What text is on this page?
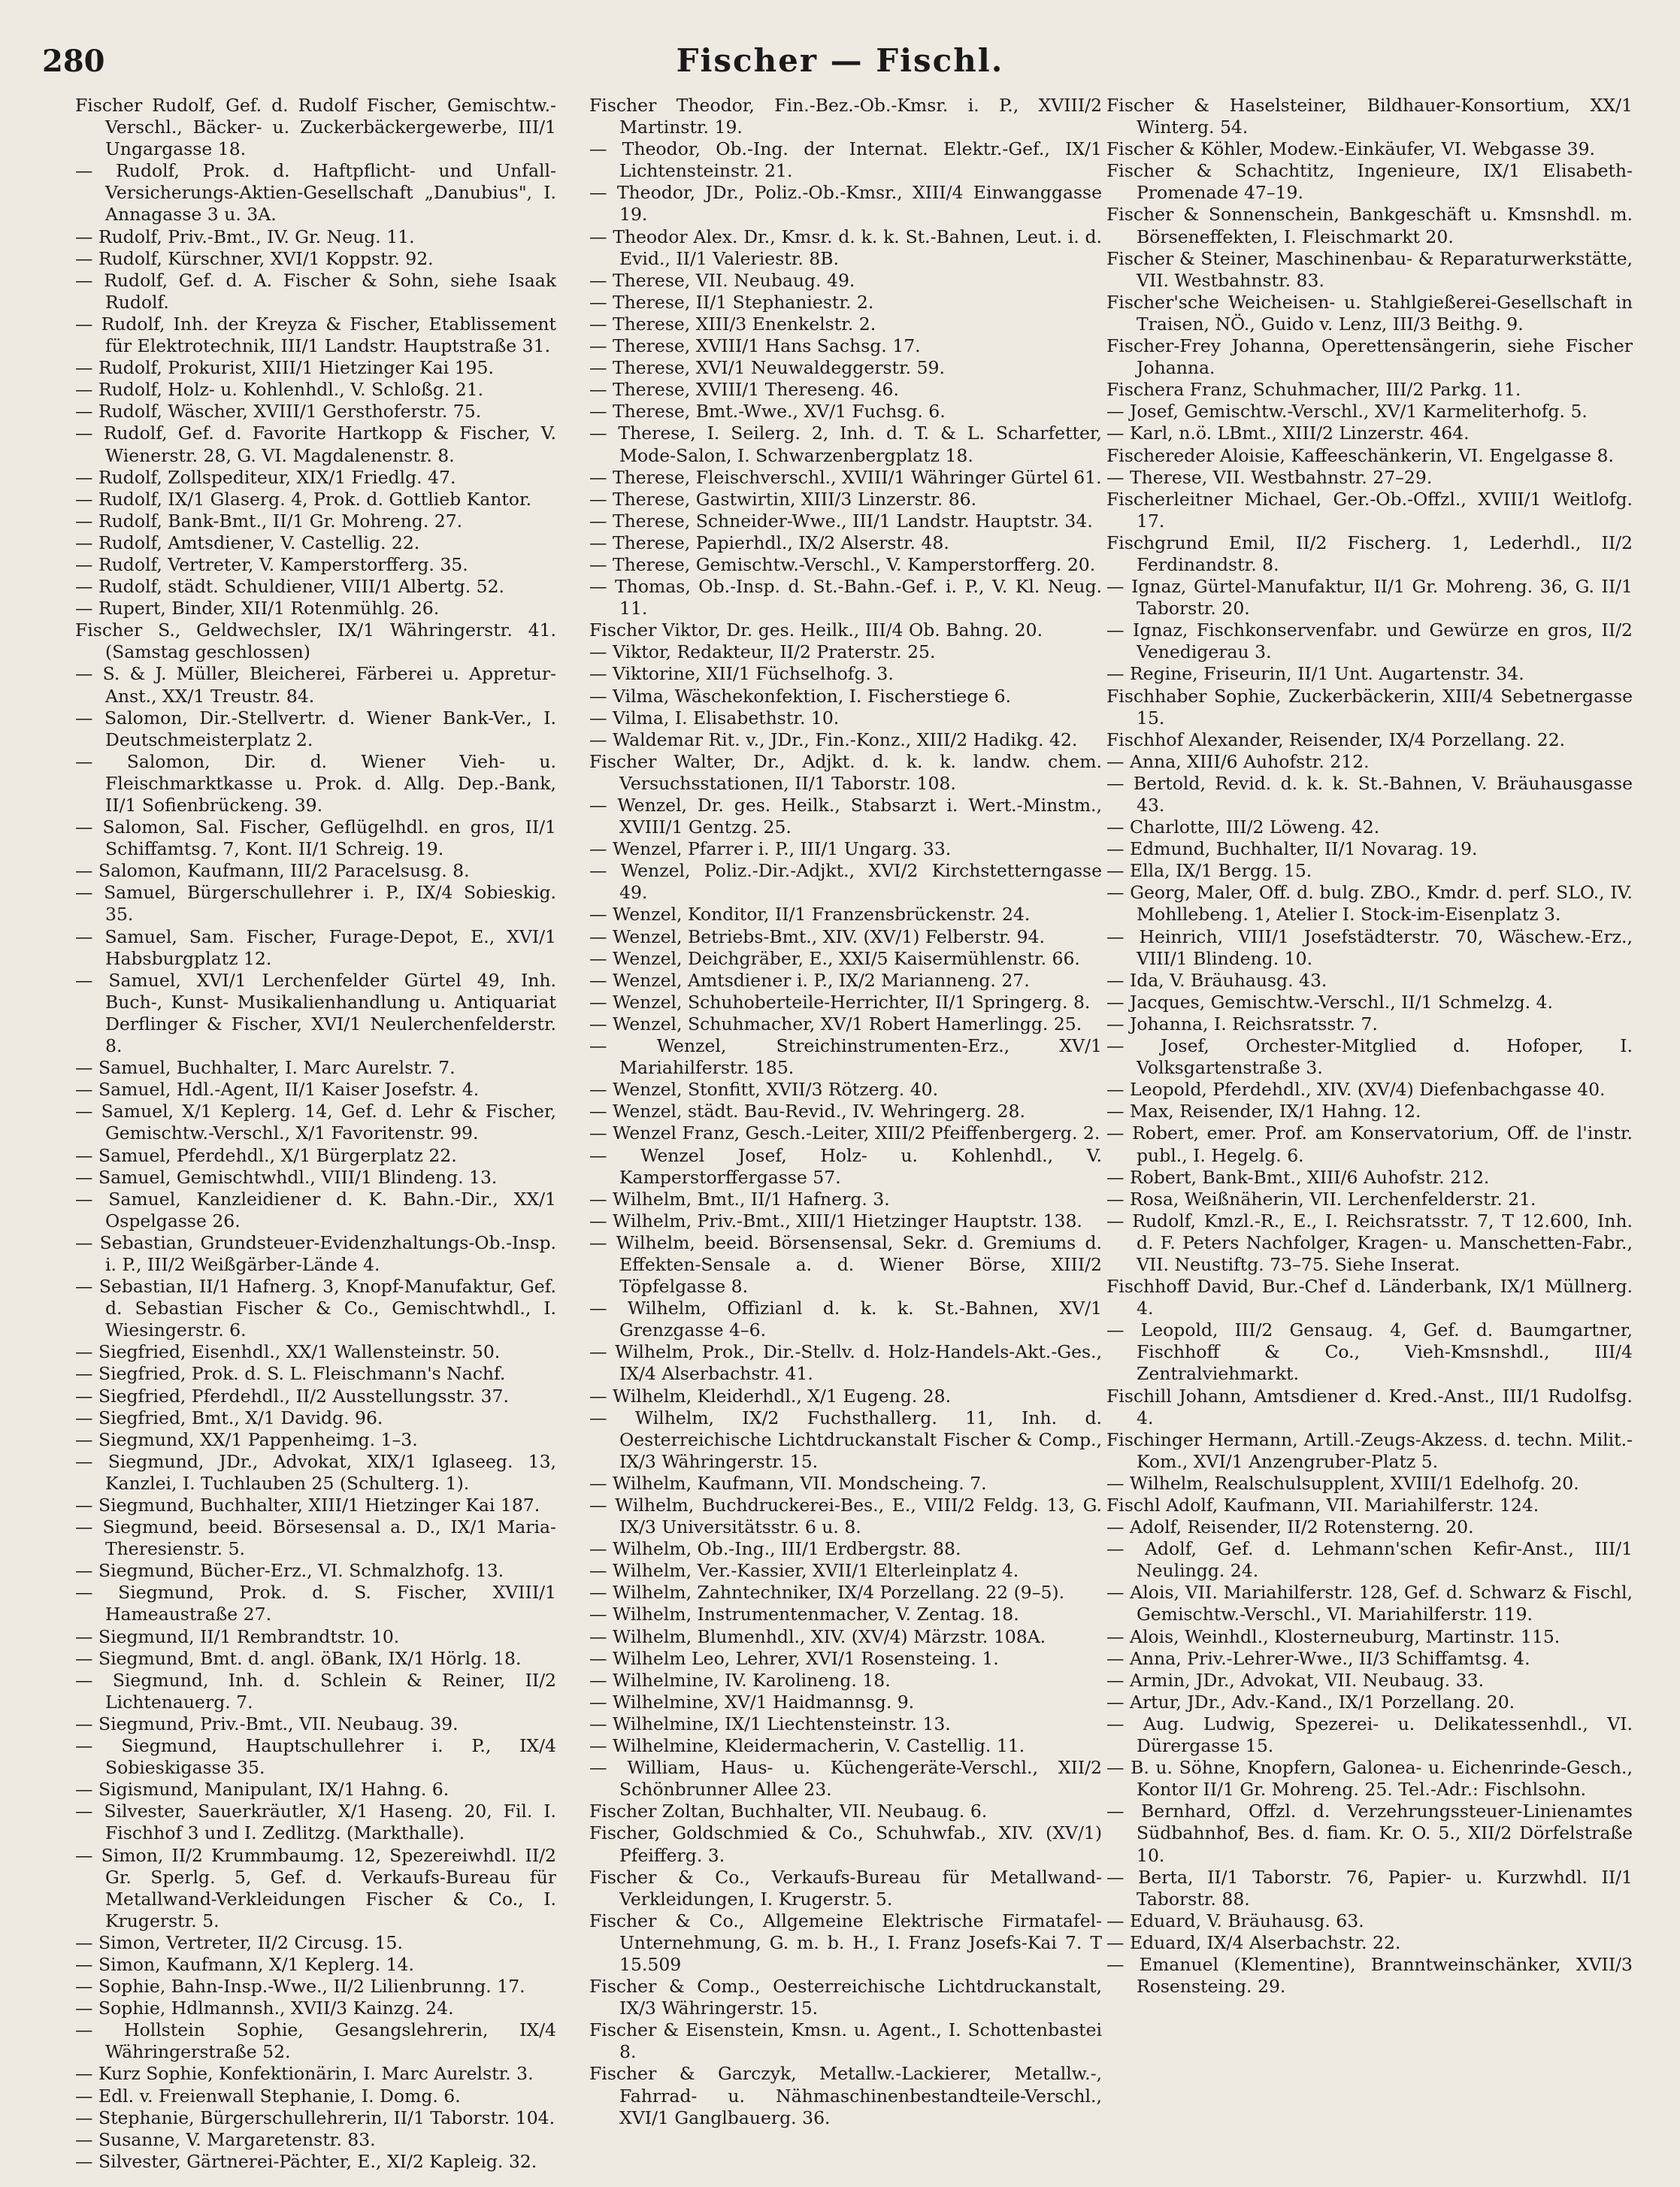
280	Fischer — Fischl.

Fischer Rudolf, Gef. d. Rudolf Fischer, Gemischtw.-Verschl., Bäcker- u. Zuckerbäckergewerbe, III/1 Ungargasse 18.

— Rudolf, Prok. d. Haftpflicht- und Unfall-Versicherungs-Aktien-Gesellschaft „Danubius", I. Annagasse 3 u. 3A.

— Rudolf, Priv.-Bmt., IV. Gr. Neug. 11.

— Rudolf, Kürschner, XVI/1 Koppstr. 92.

— Rudolf, Gef. d. A. Fischer & Sohn, siehe Isaak Rudolf.

— Rudolf, Inh. der Kreyza & Fischer, Etablissement für Elektrotechnik, III/1 Landstr. Hauptstraße 31.

— Rudolf, Prokurist, XIII/1 Hietzinger Kai 195.

— Rudolf, Holz- u. Kohlenhdl., V. Schloßg. 21.

— Rudolf, Wäscher, XVIII/1 Gersthoferstr. 75.

— Rudolf, Gef. d. Favorite Hartkopp & Fischer, V. Wienerstr. 28, G. VI. Magdalenenstr. 8.

— Rudolf, Zollspediteur, XIX/1 Friedlg. 47.

— Rudolf, IX/1 Glaserg. 4, Prok. d. Gottlieb Kantor.

— Rudolf, Bank-Bmt., II/1 Gr. Mohreng. 27.

— Rudolf, Amtsdiener, V. Castellig. 22.

— Rudolf, Vertreter, V. Kamperstorfferg. 35.

— Rudolf, städt. Schuldiener, VIII/1 Albertg. 52.

— Rupert, Binder, XII/1 Rotenmühlg. 26.

Fischer S., Geldwechsler, IX/1 Währingerstr. 41. (Samstag geschlossen)

— S. & J. Müller, Bleicherei, Färberei u. Appretur-Anst., XX/1 Treustr. 84.

— Salomon, Dir.-Stellvertr. d. Wiener Bank-Ver., I. Deutschmeisterplatz 2.

— Salomon, Dir. d. Wiener Vieh- u. Fleischmarktkasse u. Prok. d. Allg. Dep.-Bank, II/1 Sofienbrückeng. 39.

— Salomon, Sal. Fischer, Geflügelhdl. en gros, II/1 Schiffamtsg. 7, Kont. II/1 Schreig. 19.

— Salomon, Kaufmann, III/2 Paracelsusg. 8.

— Samuel, Bürgerschullehrer i. P., IX/4 Sobieskig. 35.

— Samuel, Sam. Fischer, Furage-Depot, E., XVI/1 Habsburgplatz 12.

— Samuel, XVI/1 Lerchenfelder Gürtel 49, Inh. Buch-, Kunst- Musikalienhandlung u. Antiquariat Derflinger & Fischer, XVI/1 Neulerchenfelderstr. 8.

— Samuel, Buchhalter, I. Marc Aurelstr. 7.

— Samuel, Hdl.-Agent, II/1 Kaiser Josefstr. 4.

— Samuel, X/1 Keplerg. 14, Gef. d. Lehr & Fischer, Gemischtw.-Verschl., X/1 Favoritenstr. 99.

— Samuel, Pferdehdl., X/1 Bürgerplatz 22.

— Samuel, Gemischtwhdl., VIII/1 Blindeng. 13.

— Samuel, Kanzleidiener d. K. Bahn.-Dir., XX/1 Ospelgasse 26.

— Sebastian, Grundsteuer-Evidenzhaltungs-Ob.-Insp. i. P., III/2 Weißgärber-Lände 4.

— Sebastian, II/1 Hafnerg. 3, Knopf-Manufaktur, Gef. d. Sebastian Fischer & Co., Gemischtwhdl., I. Wiesingerstr. 6.

— Siegfried, Eisenhdl., XX/1 Wallensteinstr. 50.

— Siegfried, Prok. d. S. L. Fleischmann's Nachf.

— Siegfried, Pferdehdl., II/2 Ausstellungsstr. 37.

— Siegfried, Bmt., X/1 Davidg. 96.

— Siegmund, XX/1 Pappenheimg. 1–3.

— Siegmund, JDr., Advokat, XIX/1 Iglaseeg. 13, Kanzlei, I. Tuchlauben 25 (Schulterg. 1).

— Siegmund, Buchhalter, XIII/1 Hietzinger Kai 187.

— Siegmund, beeid. Börsesensal a. D., IX/1 Maria-Theresienstr. 5.

— Siegmund, Bücher-Erz., VI. Schmalzhofg. 13.

— Siegmund, Prok. d. S. Fischer, XVIII/1 Hameaustraße 27.

— Siegmund, II/1 Rembrandtstr. 10.

— Siegmund, Bmt. d. angl. öBank, IX/1 Hörlg. 18.

— Siegmund, Inh. d. Schlein & Reiner, II/2 Lichtenauerg. 7.

— Siegmund, Priv.-Bmt., VII. Neubaug. 39.

— Siegmund, Hauptschullehrer i. P., IX/4 Sobieskigasse 35.

— Sigismund, Manipulant, IX/1 Hahng. 6.

— Silvester, Sauerkräutler, X/1 Haseng. 20, Fil. I. Fischhof 3 und I. Zedlitzg. (Markthalle).

— Simon, II/2 Krummbaumg. 12, Spezereiwhdl. II/2 Gr. Sperlg. 5, Gef. d. Verkaufs-Bureau für Metallwand-Verkleidungen Fischer & Co., I. Krugerstr. 5.

— Simon, Vertreter, II/2 Circusg. 15.

— Simon, Kaufmann, X/1 Keplerg. 14.

— Sophie, Bahn-Insp.-Wwe., II/2 Lilienbrunng. 17.

— Sophie, Hdlmannsh., XVII/3 Kainzg. 24.

— Hollstein Sophie, Gesangslehrerin, IX/4 Währingerstraße 52.

— Kurz Sophie, Konfektionärin, I. Marc Aurelstr. 3.

— Edl. v. Freienwall Stephanie, I. Domg. 6.

— Stephanie, Bürgerschullehrerin, II/1 Taborstr. 104.

— Susanne, V. Margaretenstr. 83.

— Silvester, Gärtnerei-Pächter, E., XI/2 Kapleig. 32.

Fischer Theodor, Fin.-Bez.-Ob.-Kmsr. i. P., XVIII/2 Martinstr. 19.

— Theodor, Ob.-Ing. der Internat. Elektr.-Gef., IX/1 Lichtensteinstr. 21.

— Theodor, JDr., Poliz.-Ob.-Kmsr., XIII/4 Einwanggasse 19.

— Theodor Alex. Dr., Kmsr. d. k. k. St.-Bahnen, Leut. i. d. Evid., II/1 Valeriestr. 8B.

— Therese, VII. Neubaug. 49.

— Therese, II/1 Stephaniestr. 2.

— Therese, XIII/3 Enenkelstr. 2.

— Therese, XVIII/1 Hans Sachsg. 17.

— Therese, XVI/1 Neuwaldeggerstr. 59.

— Therese, XVIII/1 Thereseng. 46.

— Therese, Bmt.-Wwe., XV/1 Fuchsg. 6.

— Therese, I. Seilerg. 2, Inh. d. T. & L. Scharfetter, Mode-Salon, I. Schwarzenbergplatz 18.

— Therese, Fleischverschl., XVIII/1 Währinger Gürtel 61.

— Therese, Gastwirtin, XIII/3 Linzerstr. 86.

— Therese, Schneider-Wwe., III/1 Landstr. Hauptstr. 34.

— Therese, Papierhdl., IX/2 Alserstr. 48.

— Therese, Gemischtw.-Verschl., V. Kamperstorfferg. 20.

— Thomas, Ob.-Insp. d. St.-Bahn.-Gef. i. P., V. Kl. Neug. 11.

Fischer Viktor, Dr. ges. Heilk., III/4 Ob. Bahng. 20.

— Viktor, Redakteur, II/2 Praterstr. 25.

— Viktorine, XII/1 Füchselhofg. 3.

— Vilma, Wäschekonfektion, I. Fischerstiege 6.

— Vilma, I. Elisabethstr. 10.

— Waldemar Rit. v., JDr., Fin.-Konz., XIII/2 Hadikg. 42.

Fischer Walter, Dr., Adjkt. d. k. k. landw. chem. Versuchsstationen, II/1 Taborstr. 108.

— Wenzel, Dr. ges. Heilk., Stabsarzt i. Wert.-Minstm., XVIII/1 Gentzg. 25.

— Wenzel, Pfarrer i. P., III/1 Ungarg. 33.

— Wenzel, Poliz.-Dir.-Adjkt., XVI/2 Kirchstetterngasse 49.

— Wenzel, Konditor, II/1 Franzensbrückenstr. 24.

— Wenzel, Betriebs-Bmt., XIV. (XV/1) Felberstr. 94.

— Wenzel, Deichgräber, E., XXI/5 Kaisermühlenstr. 66.

— Wenzel, Amtsdiener i. P., IX/2 Marianneng. 27.

— Wenzel, Schuhoberteile-Herrichter, II/1 Springerg. 8.

— Wenzel, Schuhmacher, XV/1 Robert Hamerlingg. 25.

— Wenzel, Streichinstrumenten-Erz., XV/1 Mariahilferstr. 185.

— Wenzel, Stonfitt, XVII/3 Rötzerg. 40.

— Wenzel, städt. Bau-Revid., IV. Wehringerg. 28.

— Wenzel Franz, Gesch.-Leiter, XIII/2 Pfeiffenbergerg. 2.

— Wenzel Josef, Holz- u. Kohlenhdl., V. Kamperstorffergasse 57.

— Wilhelm, Bmt., II/1 Hafnerg. 3.

— Wilhelm, Priv.-Bmt., XIII/1 Hietzinger Hauptstr. 138.

— Wilhelm, beeid. Börsensensal, Sekr. d. Gremiums d. Effekten-Sensale a. d. Wiener Börse, XIII/2 Töpfelgasse 8.

— Wilhelm, Offizianl d. k. k. St.-Bahnen, XV/1 Grenzgasse 4–6.

— Wilhelm, Prok., Dir.-Stellv. d. Holz-Handels-Akt.-Ges., IX/4 Alserbachstr. 41.

— Wilhelm, Kleiderhdl., X/1 Eugeng. 28.

— Wilhelm, IX/2 Fuchsthallerg. 11, Inh. d. Oesterreichische Lichtdruckanstalt Fischer & Comp., IX/3 Währingerstr. 15.

— Wilhelm, Kaufmann, VII. Mondscheing. 7.

— Wilhelm, Buchdruckerei-Bes., E., VIII/2 Feldg. 13, G. IX/3 Universitätsstr. 6 u. 8.

— Wilhelm, Ob.-Ing., III/1 Erdbergstr. 88.

— Wilhelm, Ver.-Kassier, XVII/1 Elterleinplatz 4.

— Wilhelm, Zahntechniker, IX/4 Porzellang. 22 (9–5).

— Wilhelm, Instrumentenmacher, V. Zentag. 18.

— Wilhelm, Blumenhdl., XIV. (XV/4) Märzstr. 108A.

— Wilhelm Leo, Lehrer, XVI/1 Rosensteing. 1.

— Wilhelmine, IV. Karolineng. 18.

— Wilhelmine, XV/1 Haidmannsg. 9.

— Wilhelmine, IX/1 Liechtensteinstr. 13.

— Wilhelmine, Kleidermacherin, V. Castellig. 11.

— William, Haus- u. Küchengeräte-Verschl., XII/2 Schönbrunner Allee 23.

Fischer Zoltan, Buchhalter, VII. Neubaug. 6.

Fischer, Goldschmied & Co., Schuhwfab., XIV. (XV/1) Pfeifferg. 3.

Fischer & Co., Verkaufs-Bureau für Metallwand-Verkleidungen, I. Krugerstr. 5.

Fischer & Co., Allgemeine Elektrische Firmatafel-Unternehmung, G. m. b. H., I. Franz Josefs-Kai 7. T 15.509

Fischer & Comp., Oesterreichische Lichtdruckanstalt, IX/3 Währingerstr. 15.

Fischer & Eisenstein, Kmsn. u. Agent., I. Schottenbastei 8.

Fischer & Garczyk, Metallw.-Lackierer, Metallw.-, Fahrrad- u. Nähmaschinenbestandteile-Verschl., XVI/1 Ganglbauerg. 36.

Fischer & Haselsteiner, Bildhauer-Konsortium, XX/1 Winterg. 54.

Fischer & Köhler, Modew.-Einkäufer, VI. Webgasse 39.

Fischer & Schachtitz, Ingenieure, IX/1 Elisabeth-Promenade 47–19.

Fischer & Sonnenschein, Bankgeschäft u. Kmsnshdl. m. Börseneffekten, I. Fleischmarkt 20.

Fischer & Steiner, Maschinenbau- & Reparaturwerkstätte, VII. Westbahnstr. 83.

Fischer'sche Weicheisen- u. Stahlgießerei-Gesellschaft in Traisen, NÖ., Guido v. Lenz, III/3 Beithg. 9.

Fischer-Frey Johanna, Operettensängerin, siehe Fischer Johanna.

Fischera Franz, Schuhmacher, III/2 Parkg. 11.

— Josef, Gemischtw.-Verschl., XV/1 Karmeliterhofg. 5.

— Karl, n.ö. LBmt., XIII/2 Linzerstr. 464.

Fischereder Aloisie, Kaffeeschänkerin, VI. Engelgasse 8.

— Therese, VII. Westbahnstr. 27–29.

Fischerleitner Michael, Ger.-Ob.-Offzl., XVIII/1 Weitlofg. 17.

Fischgrund Emil, II/2 Fischerg. 1, Lederhdl., II/2 Ferdinandstr. 8.

— Ignaz, Gürtel-Manufaktur, II/1 Gr. Mohreng. 36, G. II/1 Taborstr. 20.

— Ignaz, Fischkonservenfabr. und Gewürze en gros, II/2 Venedigerau 3.

— Regine, Friseurin, II/1 Unt. Augartenstr. 34.

Fischhaber Sophie, Zuckerbäckerin, XIII/4 Sebetnergasse 15.

Fischhof Alexander, Reisender, IX/4 Porzellang. 22.

— Anna, XIII/6 Auhofstr. 212.

— Bertold, Revid. d. k. k. St.-Bahnen, V. Bräuhausgasse 43.

— Charlotte, III/2 Löweng. 42.

— Edmund, Buchhalter, II/1 Novarag. 19.

— Ella, IX/1 Bergg. 15.

— Georg, Maler, Off. d. bulg. ZBO., Kmdr. d. perf. SLO., IV. Mohllebeng. 1, Atelier I. Stock-im-Eisenplatz 3.

— Heinrich, VIII/1 Josefstädterstr. 70, Wäschew.-Erz., VIII/1 Blindeng. 10.

— Ida, V. Bräuhausg. 43.

— Jacques, Gemischtw.-Verschl., II/1 Schmelzg. 4.

— Johanna, I. Reichsratsstr. 7.

— Josef, Orchester-Mitglied d. Hofoper, I. Volksgartenstraße 3.

— Leopold, Pferdehdl., XIV. (XV/4) Diefenbachgasse 40.

— Max, Reisender, IX/1 Hahng. 12.

— Robert, emer. Prof. am Konservatorium, Off. de l'instr. publ., I. Hegelg. 6.

— Robert, Bank-Bmt., XIII/6 Auhofstr. 212.

— Rosa, Weißnäherin, VII. Lerchenfelderstr. 21.

— Rudolf, Kmzl.-R., E., I. Reichsratsstr. 7, T 12.600, Inh. d. F. Peters Nachfolger, Kragen- u. Manschetten-Fabr., VII. Neustiftg. 73–75. Siehe Inserat.

Fischhoff David, Bur.-Chef d. Länderbank, IX/1 Müllnerg. 4.

— Leopold, III/2 Gensaug. 4, Gef. d. Baumgartner, Fischhoff & Co., Vieh-Kmsnshdl., III/4 Zentralviehmarkt.

Fischill Johann, Amtsdiener d. Kred.-Anst., III/1 Rudolfsg. 4.

Fischinger Hermann, Artill.-Zeugs-Akzess. d. techn. Milit.-Kom., XVI/1 Anzengruber-Platz 5.

— Wilhelm, Realschulsupplent, XVIII/1 Edelhofg. 20.

Fischl Adolf, Kaufmann, VII. Mariahilferstr. 124.

— Adolf, Reisender, II/2 Rotensterng. 20.

— Adolf, Gef. d. Lehmann'schen Kefir-Anst., III/1 Neulingg. 24.

— Alois, VII. Mariahilferstr. 128, Gef. d. Schwarz & Fischl, Gemischtw.-Verschl., VI. Mariahilferstr. 119.

— Alois, Weinhdl., Klosterneuburg, Martinstr. 115.

— Anna, Priv.-Lehrer-Wwe., II/3 Schiffamtsg. 4.

— Armin, JDr., Advokat, VII. Neubaug. 33.

— Artur, JDr., Adv.-Kand., IX/1 Porzellang. 20.

— Aug. Ludwig, Spezerei- u. Delikatessenhdl., VI. Dürergasse 15.

— B. u. Söhne, Knopfern, Galonea- u. Eichenrinde-Gesch., Kontor II/1 Gr. Mohreng. 25. Tel.-Adr.: Fischlsohn.

— Bernhard, Offzl. d. Verzehrungssteuer-Linienamtes Südbahnhof, Bes. d. fiam. Kr. O. 5., XII/2 Dörfelstraße 10.

— Berta, II/1 Taborstr. 76, Papier- u. Kurzwhdl. II/1 Taborstr. 88.

— Eduard, V. Bräuhausg. 63.

— Eduard, IX/4 Alserbachstr. 22.

— Emanuel (Klementine), Branntweinschänker, XVII/3 Rosensteing. 29.
